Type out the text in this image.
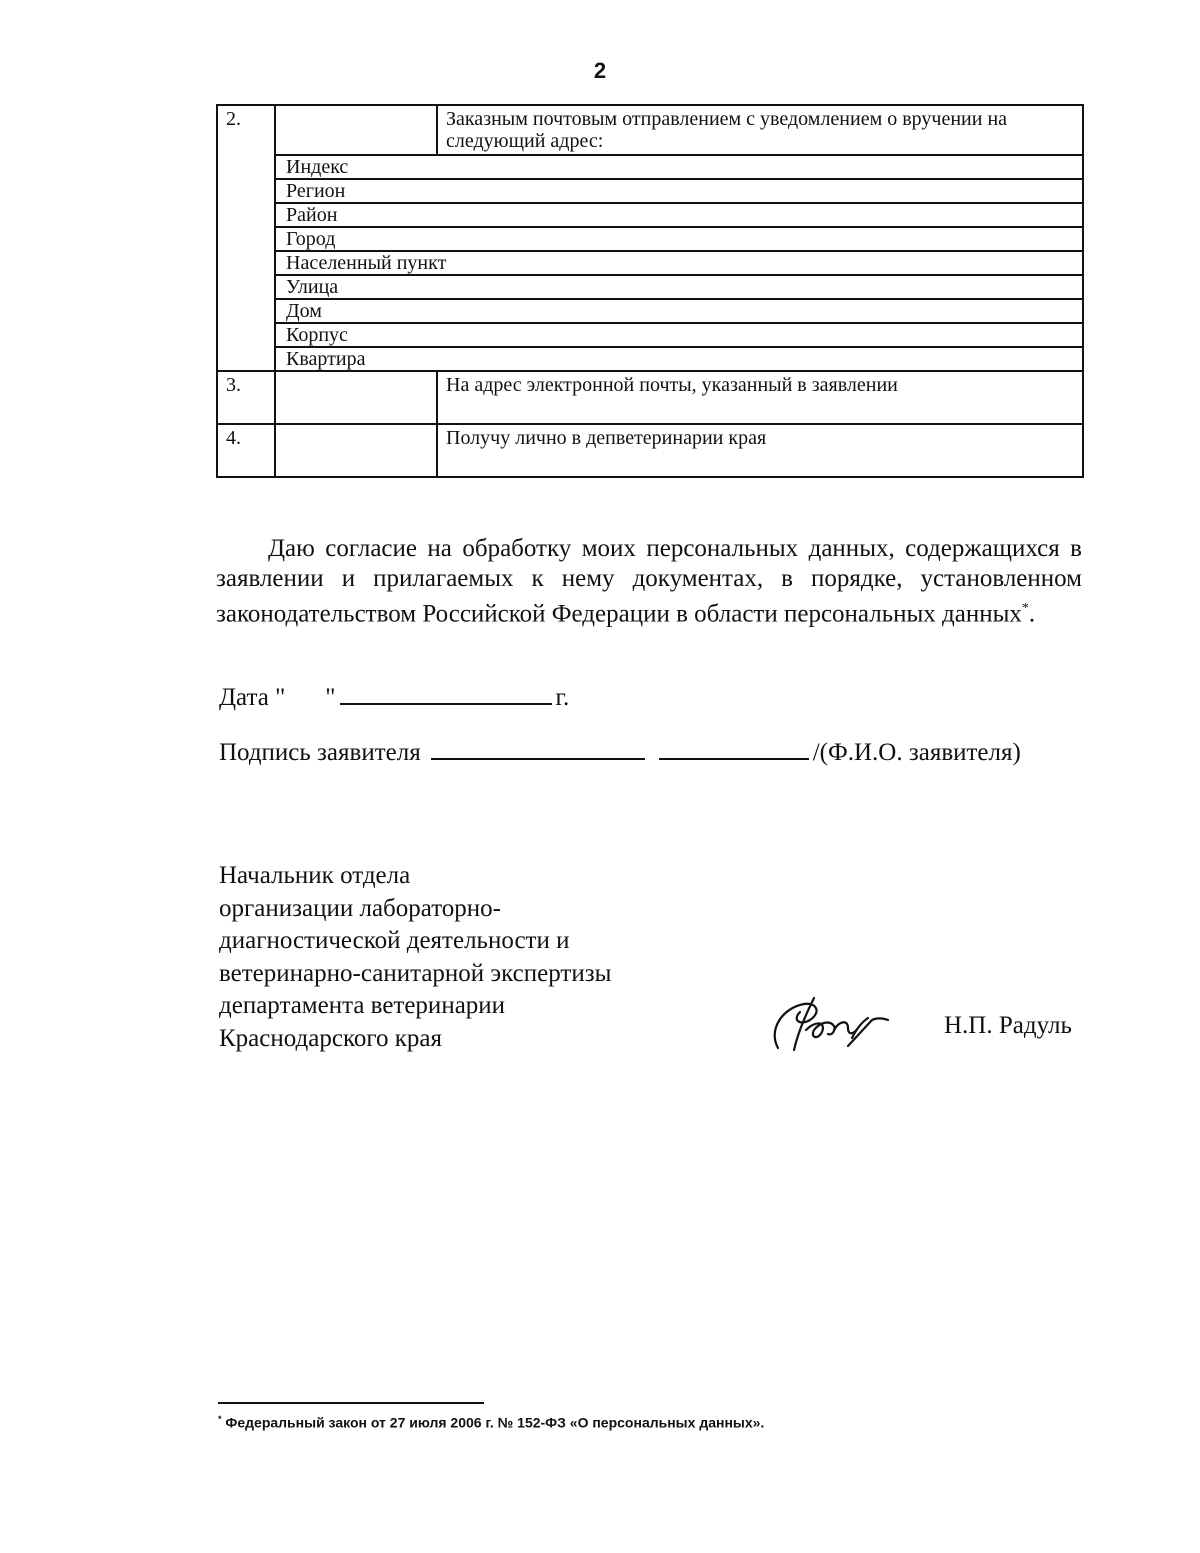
2
2.		Заказным почтовым отправлением с уведомлением о вручении на следующий адрес:
	Индекс	
	Регион	
	Район	
	Город	
	Населенный пункт	
	Улица	
	Дом	
	Корпус	
	Квартира	
3.		На адрес электронной почты, указанный в заявлении
4.		Получу лично в депветеринарии края

Даю согласие на обработку моих персональных данных, содержащихся в заявлении и прилагаемых к нему документах, в порядке, установленном законодательством Российской Федерации в области персональных данных*.

Дата " "	г.
Подпись заявителя	/(Ф.И.О. заявителя)
Начальник отдела
организации лабораторно-
диагностической деятельности и
ветеринарно-санитарной экспертизы
департамента ветеринарии
Краснодарского края	Н.П. Радуль
* Федеральный закон от 27 июля 2006 г. № 152-ФЗ «О персональных данных».
